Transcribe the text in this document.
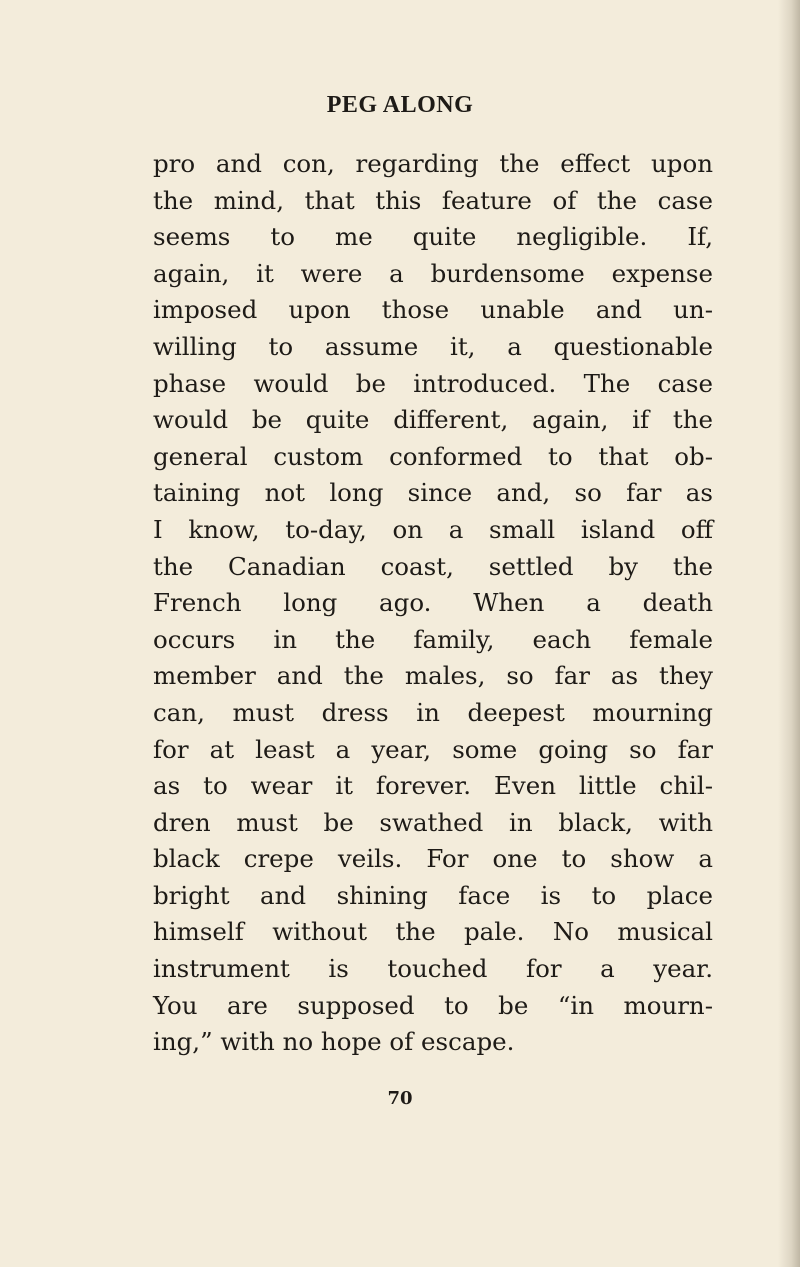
PEG ALONG

pro and con, regarding the effect upon
the mind, that this feature of the case
seems to me quite negligible. If,
again, it were a burdensome expense
imposed upon those unable and un-
willing to assume it, a questionable
phase would be introduced. The case
would be quite different, again, if the
general custom conformed to that ob-
taining not long since and, so far as
I know, to-day, on a small island off
the Canadian coast, settled by the
French long ago. When a death
occurs in the family, each female
member and the males, so far as they
can, must dress in deepest mourning
for at least a year, some going so far
as to wear it forever. Even little chil-
dren must be swathed in black, with
black crepe veils. For one to show a
bright and shining face is to place
himself without the pale. No musical
instrument is touched for a year.
You are supposed to be “in mourn-
ing,” with no hope of escape.

70
